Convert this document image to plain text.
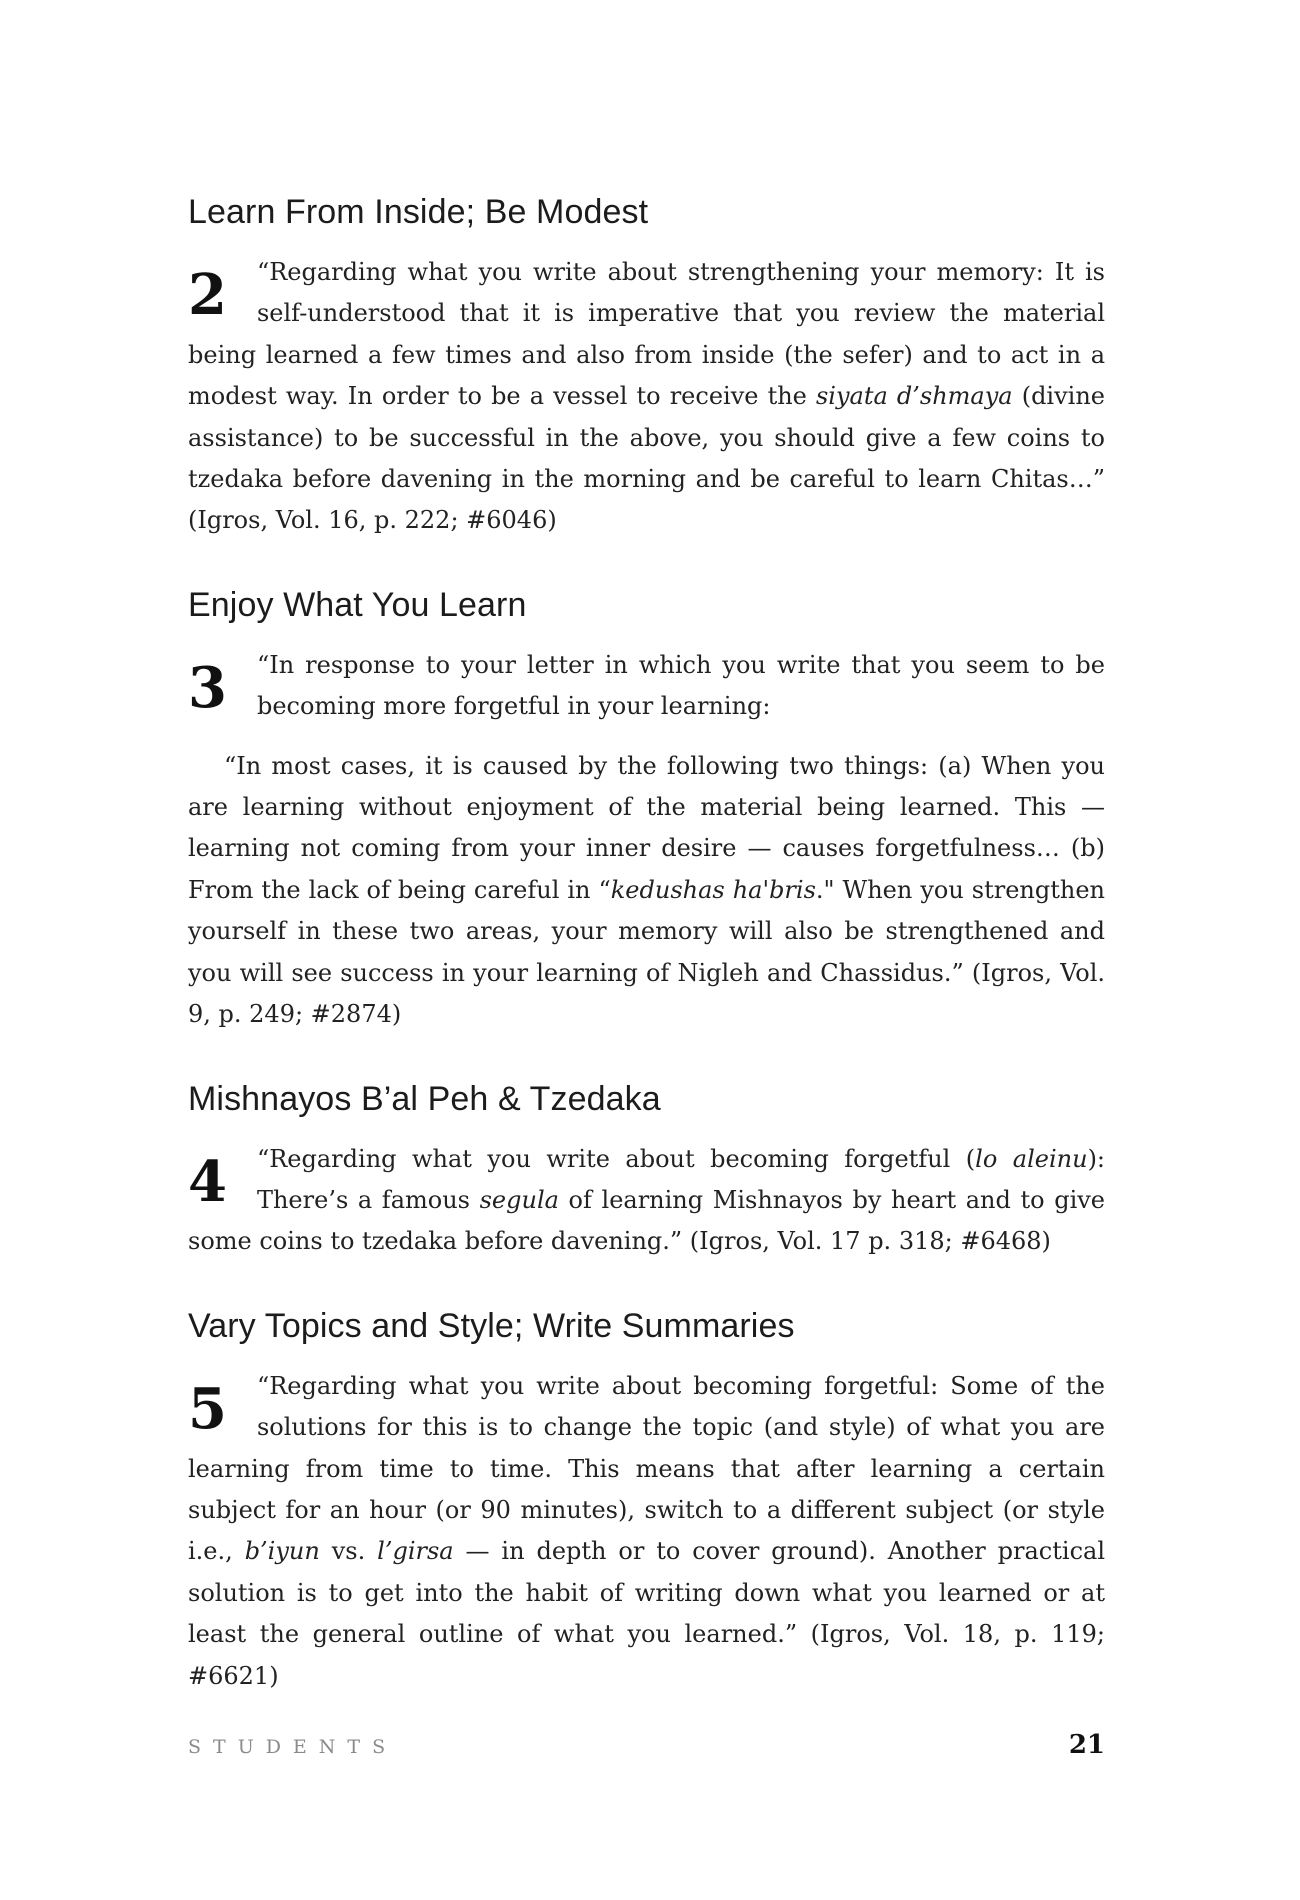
Learn From Inside; Be Modest

2 “Regarding what you write about strengthening your memory: It is self-understood that it is imperative that you review the material being learned a few times and also from inside (the sefer) and to act in a modest way. In order to be a vessel to receive the siyata d’shmaya (divine assistance) to be successful in the above, you should give a few coins to tzedaka before davening in the morning and be careful to learn Chitas…” (Igros, Vol. 16, p. 222; #6046)

Enjoy What You Learn

3 “In response to your letter in which you write that you seem to be becoming more forgetful in your learning:

“In most cases, it is caused by the following two things: (a) When you are learning without enjoyment of the material being learned. This — learning not coming from your inner desire — causes forgetfulness… (b) From the lack of being careful in “kedushas ha'bris." When you strengthen yourself in these two areas, your memory will also be strengthened and you will see success in your learning of Nigleh and Chassidus.” (Igros, Vol. 9, p. 249; #2874)

Mishnayos B’al Peh & Tzedaka

4 “Regarding what you write about becoming forgetful (lo aleinu): There’s a famous segula of learning Mishnayos by heart and to give some coins to tzedaka before davening.” (Igros, Vol. 17 p. 318; #6468)

Vary Topics and Style; Write Summaries

5 “Regarding what you write about becoming forgetful: Some of the solutions for this is to change the topic (and style) of what you are learning from time to time. This means that after learning a certain subject for an hour (or 90 minutes), switch to a different subject (or style i.e., b’iyun vs. l’girsa — in depth or to cover ground). Another practical solution is to get into the habit of writing down what you learned or at least the general outline of what you learned.” (Igros, Vol. 18, p. 119; #6621)

STUDENTS	21
